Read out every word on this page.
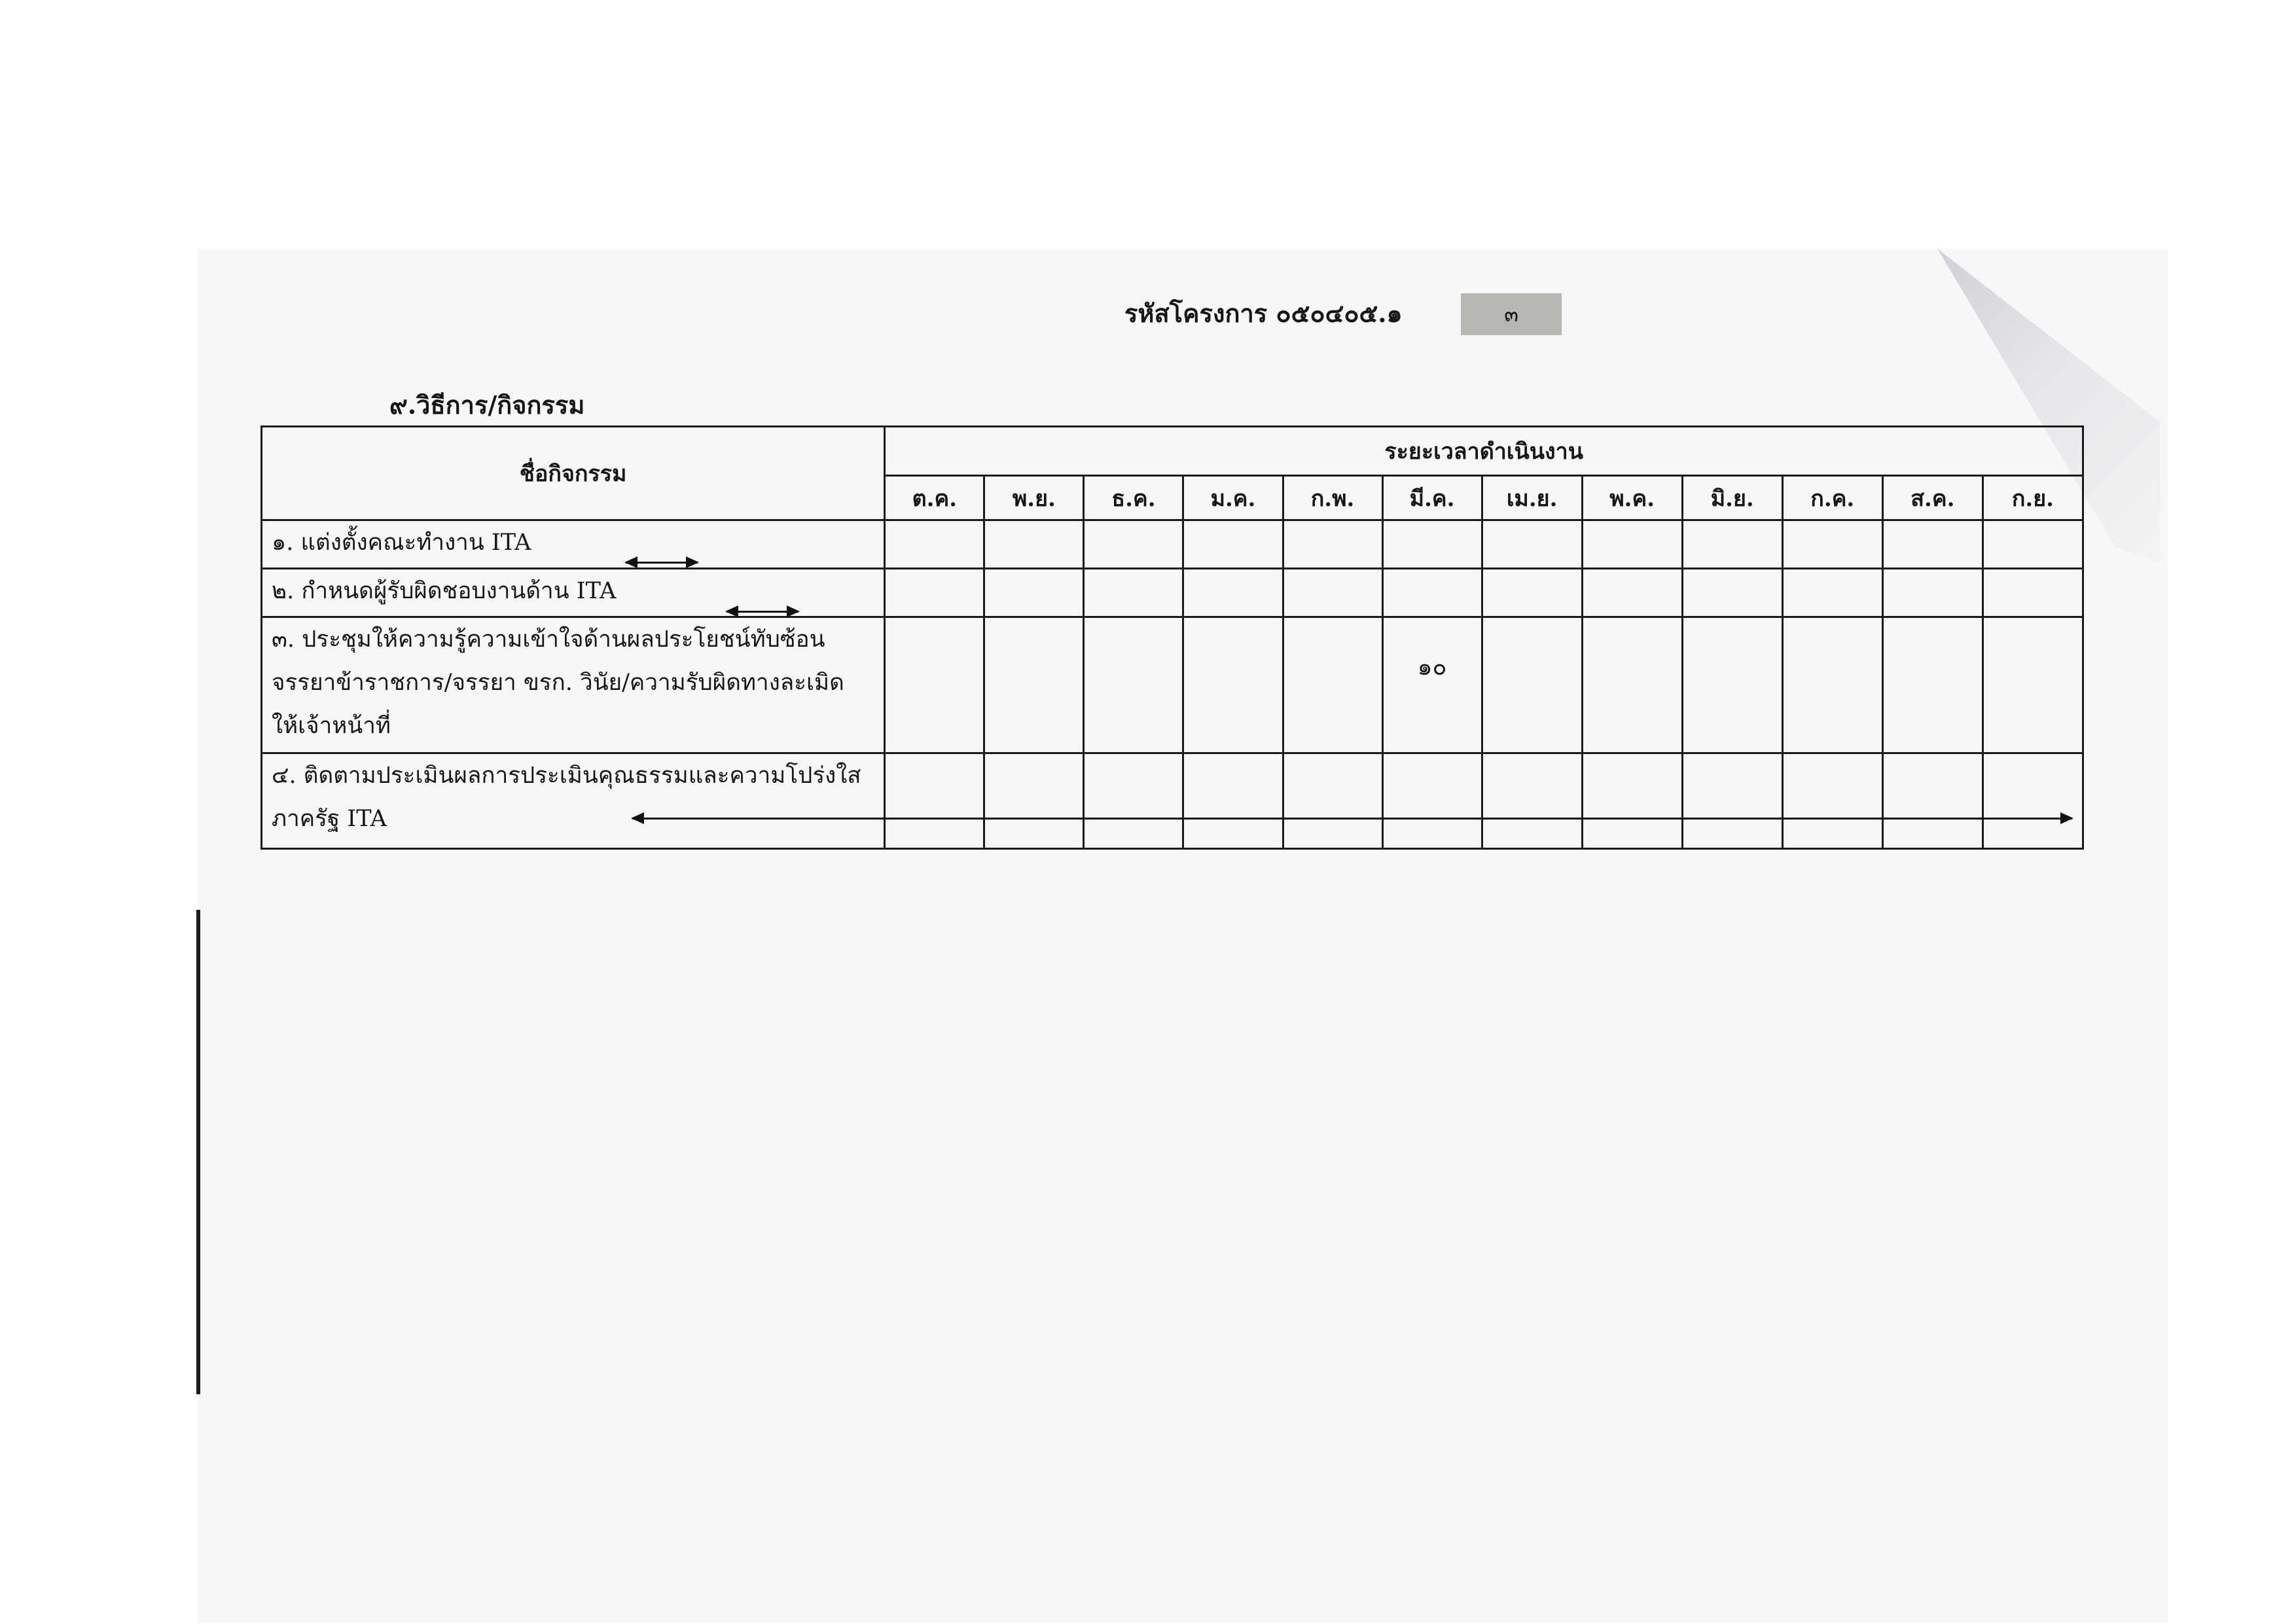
รหัสโครงการ ๐๕๐๔๐๕.๑	๓
๙.วิธีการ/กิจกรรม
ชื่อกิจกรรม	ระยะเวลาดำเนินงาน											
	ต.ค.	พ.ย.	ธ.ค.	ม.ค.	ก.พ.	มี.ค.	เม.ย.	พ.ค.	มิ.ย.	ก.ค.	ส.ค.	ก.ย.

๑. แต่งตั้งคณะทำงาน ITA												

๒. กำหนดผู้รับผิดชอบงานด้าน ITA												

๓. ประชุมให้ความรู้ความเข้าใจด้านผลประโยชน์ทับซ้อน
จรรยาข้าราชการ/จรรยา ขรก. วินัย/ความรับผิดทางละเมิด
ให้เจ้าหน้าที่						๑๐						

๔. ติดตามประเมินผลการประเมินคุณธรรมและความโปร่งใส
ภาครัฐ ITA												
